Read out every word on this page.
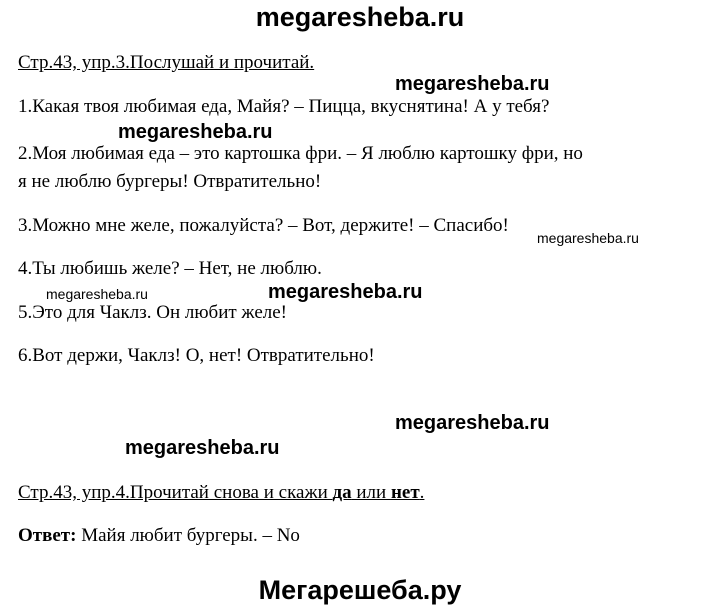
megaresheba.ru
Стр.43, упр.3.Послушай и прочитай.
megaresheba.ru
1.Какая твоя любимая еда, Майя? – Пицца, вкуснятина! А у тебя?
megaresheba.ru
2.Моя любимая еда – это картошка фри. – Я люблю картошку фри, но
я не люблю бургеры! Отвратительно!
3.Можно мне желе, пожалуйста? – Вот, держите! – Спасибо!
megaresheba.ru
4.Ты любишь желе? – Нет, не люблю.
megaresheba.ru	megaresheba.ru
5.Это для Чаклз. Он любит желе!
6.Вот держи, Чаклз! О, нет! Отвратительно!
megaresheba.ru
megaresheba.ru
Стр.43, упр.4.Прочитай снова и скажи да или нет.
Ответ: Майя любит бургеры. – No
Мегарешеба.ру
